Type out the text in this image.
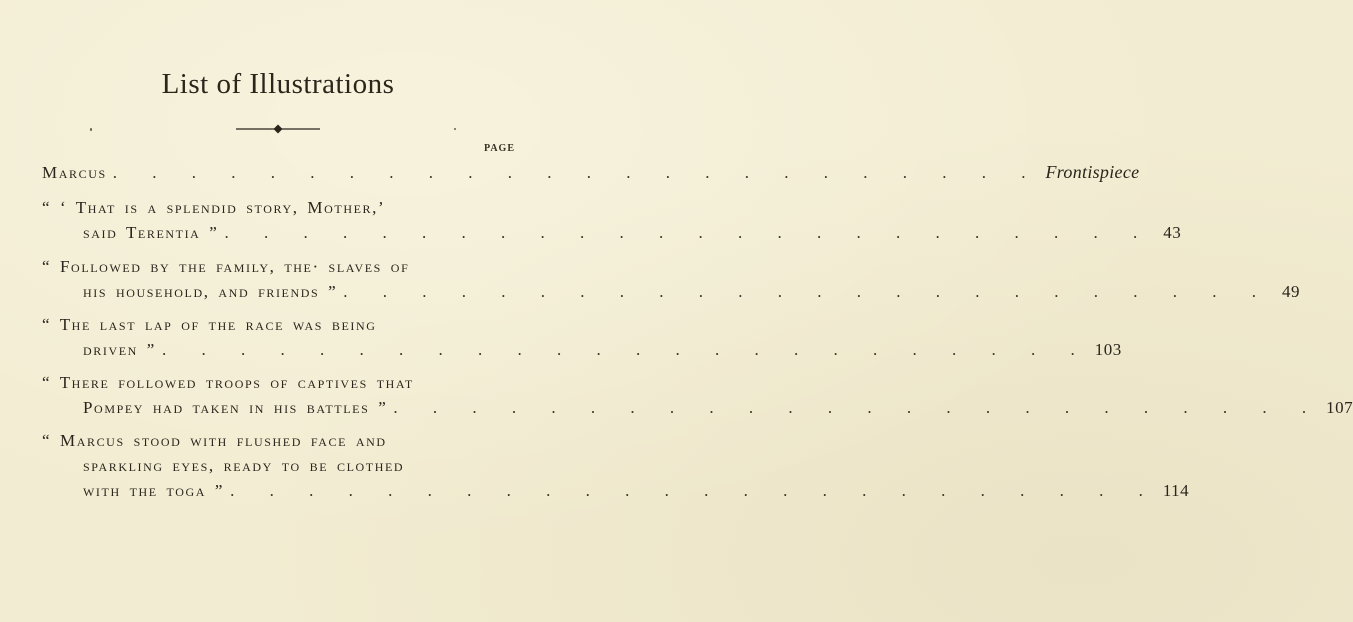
List of Illustrations
PAGE
Marcus . . . . . . . . . . . . . . . . . . . . . . . . Frontispiece
“ ‘ That is a splendid story, Mother,’
said Terentia ” . . . . . . . . . . . . . . . . . . . . . . . . 43
“ Followed by the family, the· slaves of
his household, and friends ” . . . . . . . . . . . . . . . . . . . . . . . . 49
“ The last lap of the race was being
driven ” . . . . . . . . . . . . . . . . . . . . . . . . 103
“ There followed troops of captives that
Pompey had taken in his battles ” . . . . . . . . . . . . . . . . . . . . . . . . 107
“ Marcus stood with flushed face and
sparkling eyes, ready to be clothed
with the toga ” . . . . . . . . . . . . . . . . . . . . . . . . 114
